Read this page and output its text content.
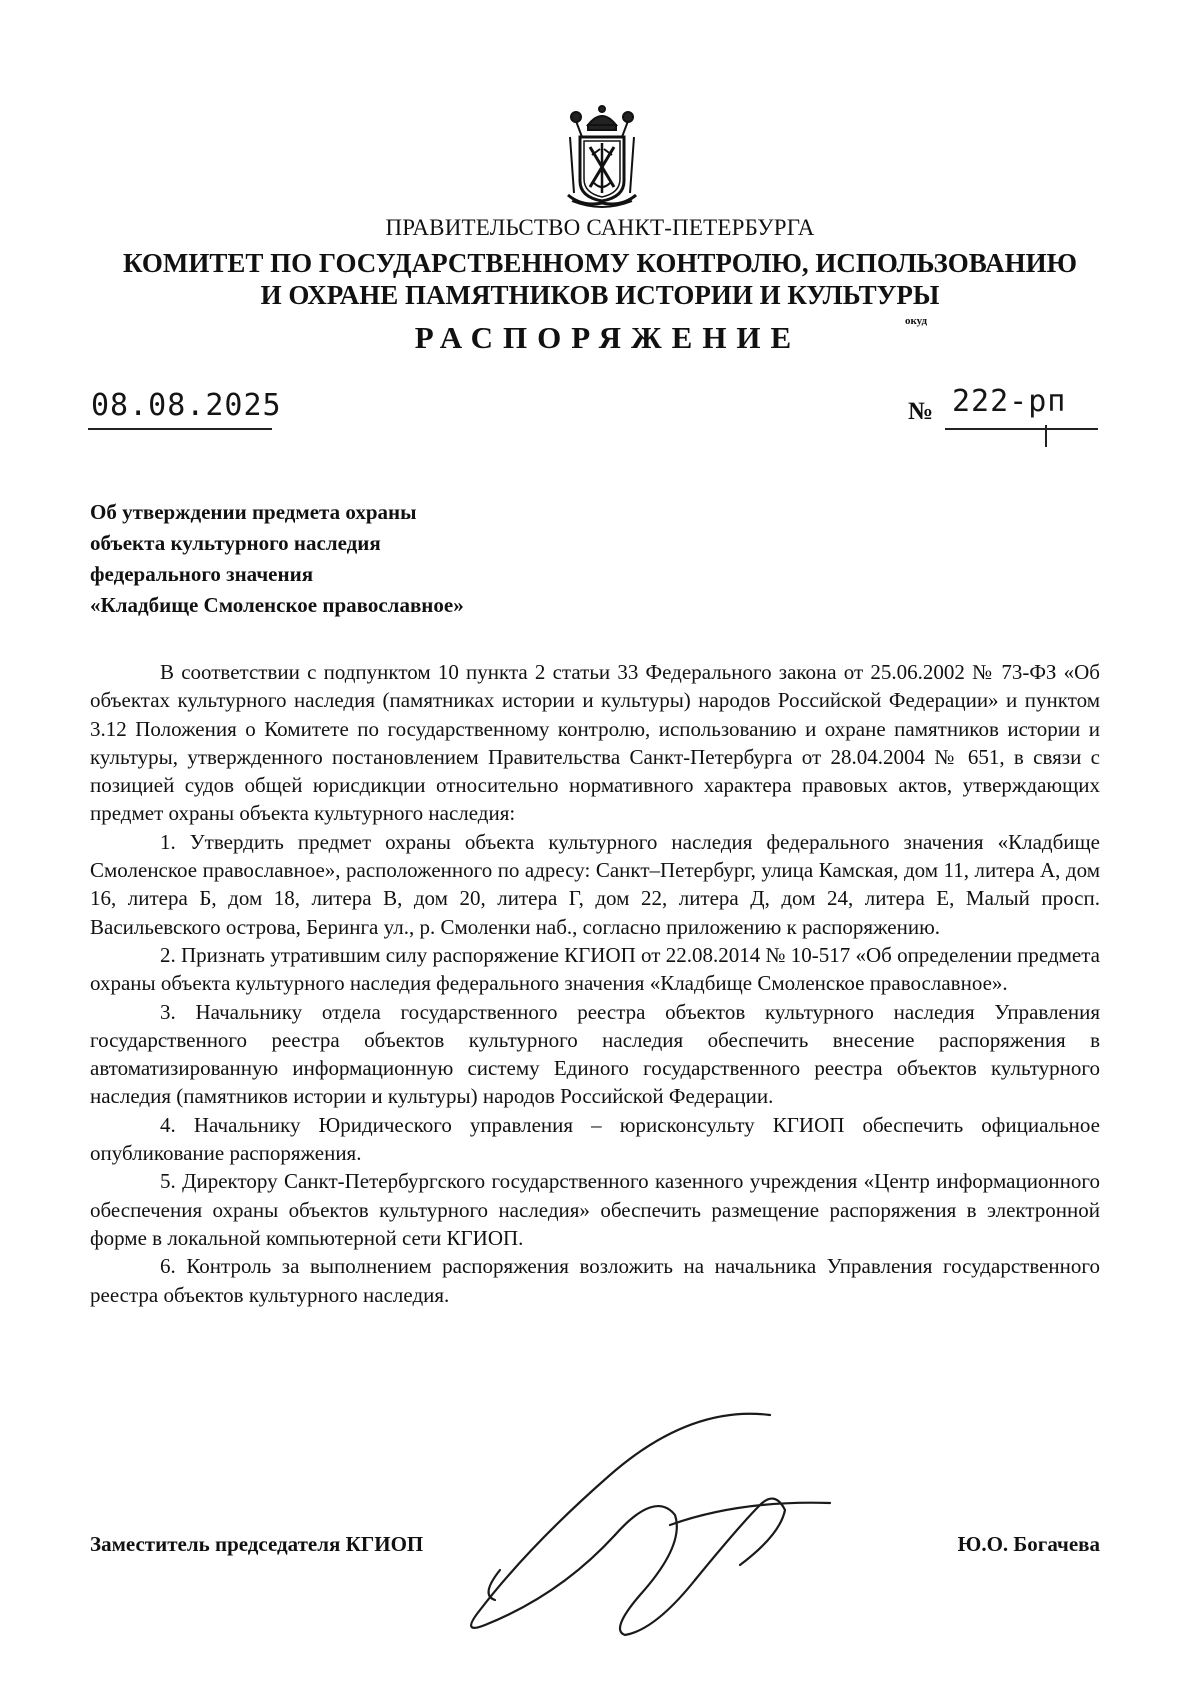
ПРАВИТЕЛЬСТВО САНКТ-ПЕТЕРБУРГА
КОМИТЕТ ПО ГОСУДАРСТВЕННОМУ КОНТРОЛЮ, ИСПОЛЬЗОВАНИЮ
И ОХРАНЕ ПАМЯТНИКОВ ИСТОРИИ И КУЛЬТУРЫ
РАСПОРЯЖЕНИЕ	окуд
08.08.2025	№ 222-рп
Об утверждении предмета охраны
объекта культурного наследия
федерального значения
«Кладбище Смоленское православное»

В соответствии с подпунктом 10 пункта 2 статьи 33 Федерального закона от 25.06.2002 № 73-ФЗ «Об объектах культурного наследия (памятниках истории и культуры) народов Российской Федерации» и пунктом 3.12 Положения о Комитете по государственному контролю, использованию и охране памятников истории и культуры, утвержденного постановлением Правительства Санкт-Петербурга от 28.04.2004 № 651, в связи с позицией судов общей юрисдикции относительно нормативного характера правовых актов, утверждающих предмет охраны объекта культурного наследия:

1. Утвердить предмет охраны объекта культурного наследия федерального значения «Кладбище Смоленское православное», расположенного по адресу: Санкт–Петербург, улица Камская, дом 11, литера А, дом 16, литера Б, дом 18, литера В, дом 20, литера Г, дом 22, литера Д, дом 24, литера Е, Малый просп. Васильевского острова, Беринга ул., р. Смоленки наб., согласно приложению к распоряжению.

2. Признать утратившим силу распоряжение КГИОП от 22.08.2014 № 10-517 «Об определении предмета охраны объекта культурного наследия федерального значения «Кладбище Смоленское православное».

3. Начальнику отдела государственного реестра объектов культурного наследия Управления государственного реестра объектов культурного наследия обеспечить внесение распоряжения в автоматизированную информационную систему Единого государственного реестра объектов культурного наследия (памятников истории и культуры) народов Российской Федерации.

4. Начальнику Юридического управления – юрисконсульту КГИОП обеспечить официальное опубликование распоряжения.

5. Директору Санкт-Петербургского государственного казенного учреждения «Центр информационного обеспечения охраны объектов культурного наследия» обеспечить размещение распоряжения в электронной форме в локальной компьютерной сети КГИОП.

6. Контроль за выполнением распоряжения возложить на начальника Управления государственного реестра объектов культурного наследия.

Заместитель председателя КГИОП	Ю.О. Богачева
